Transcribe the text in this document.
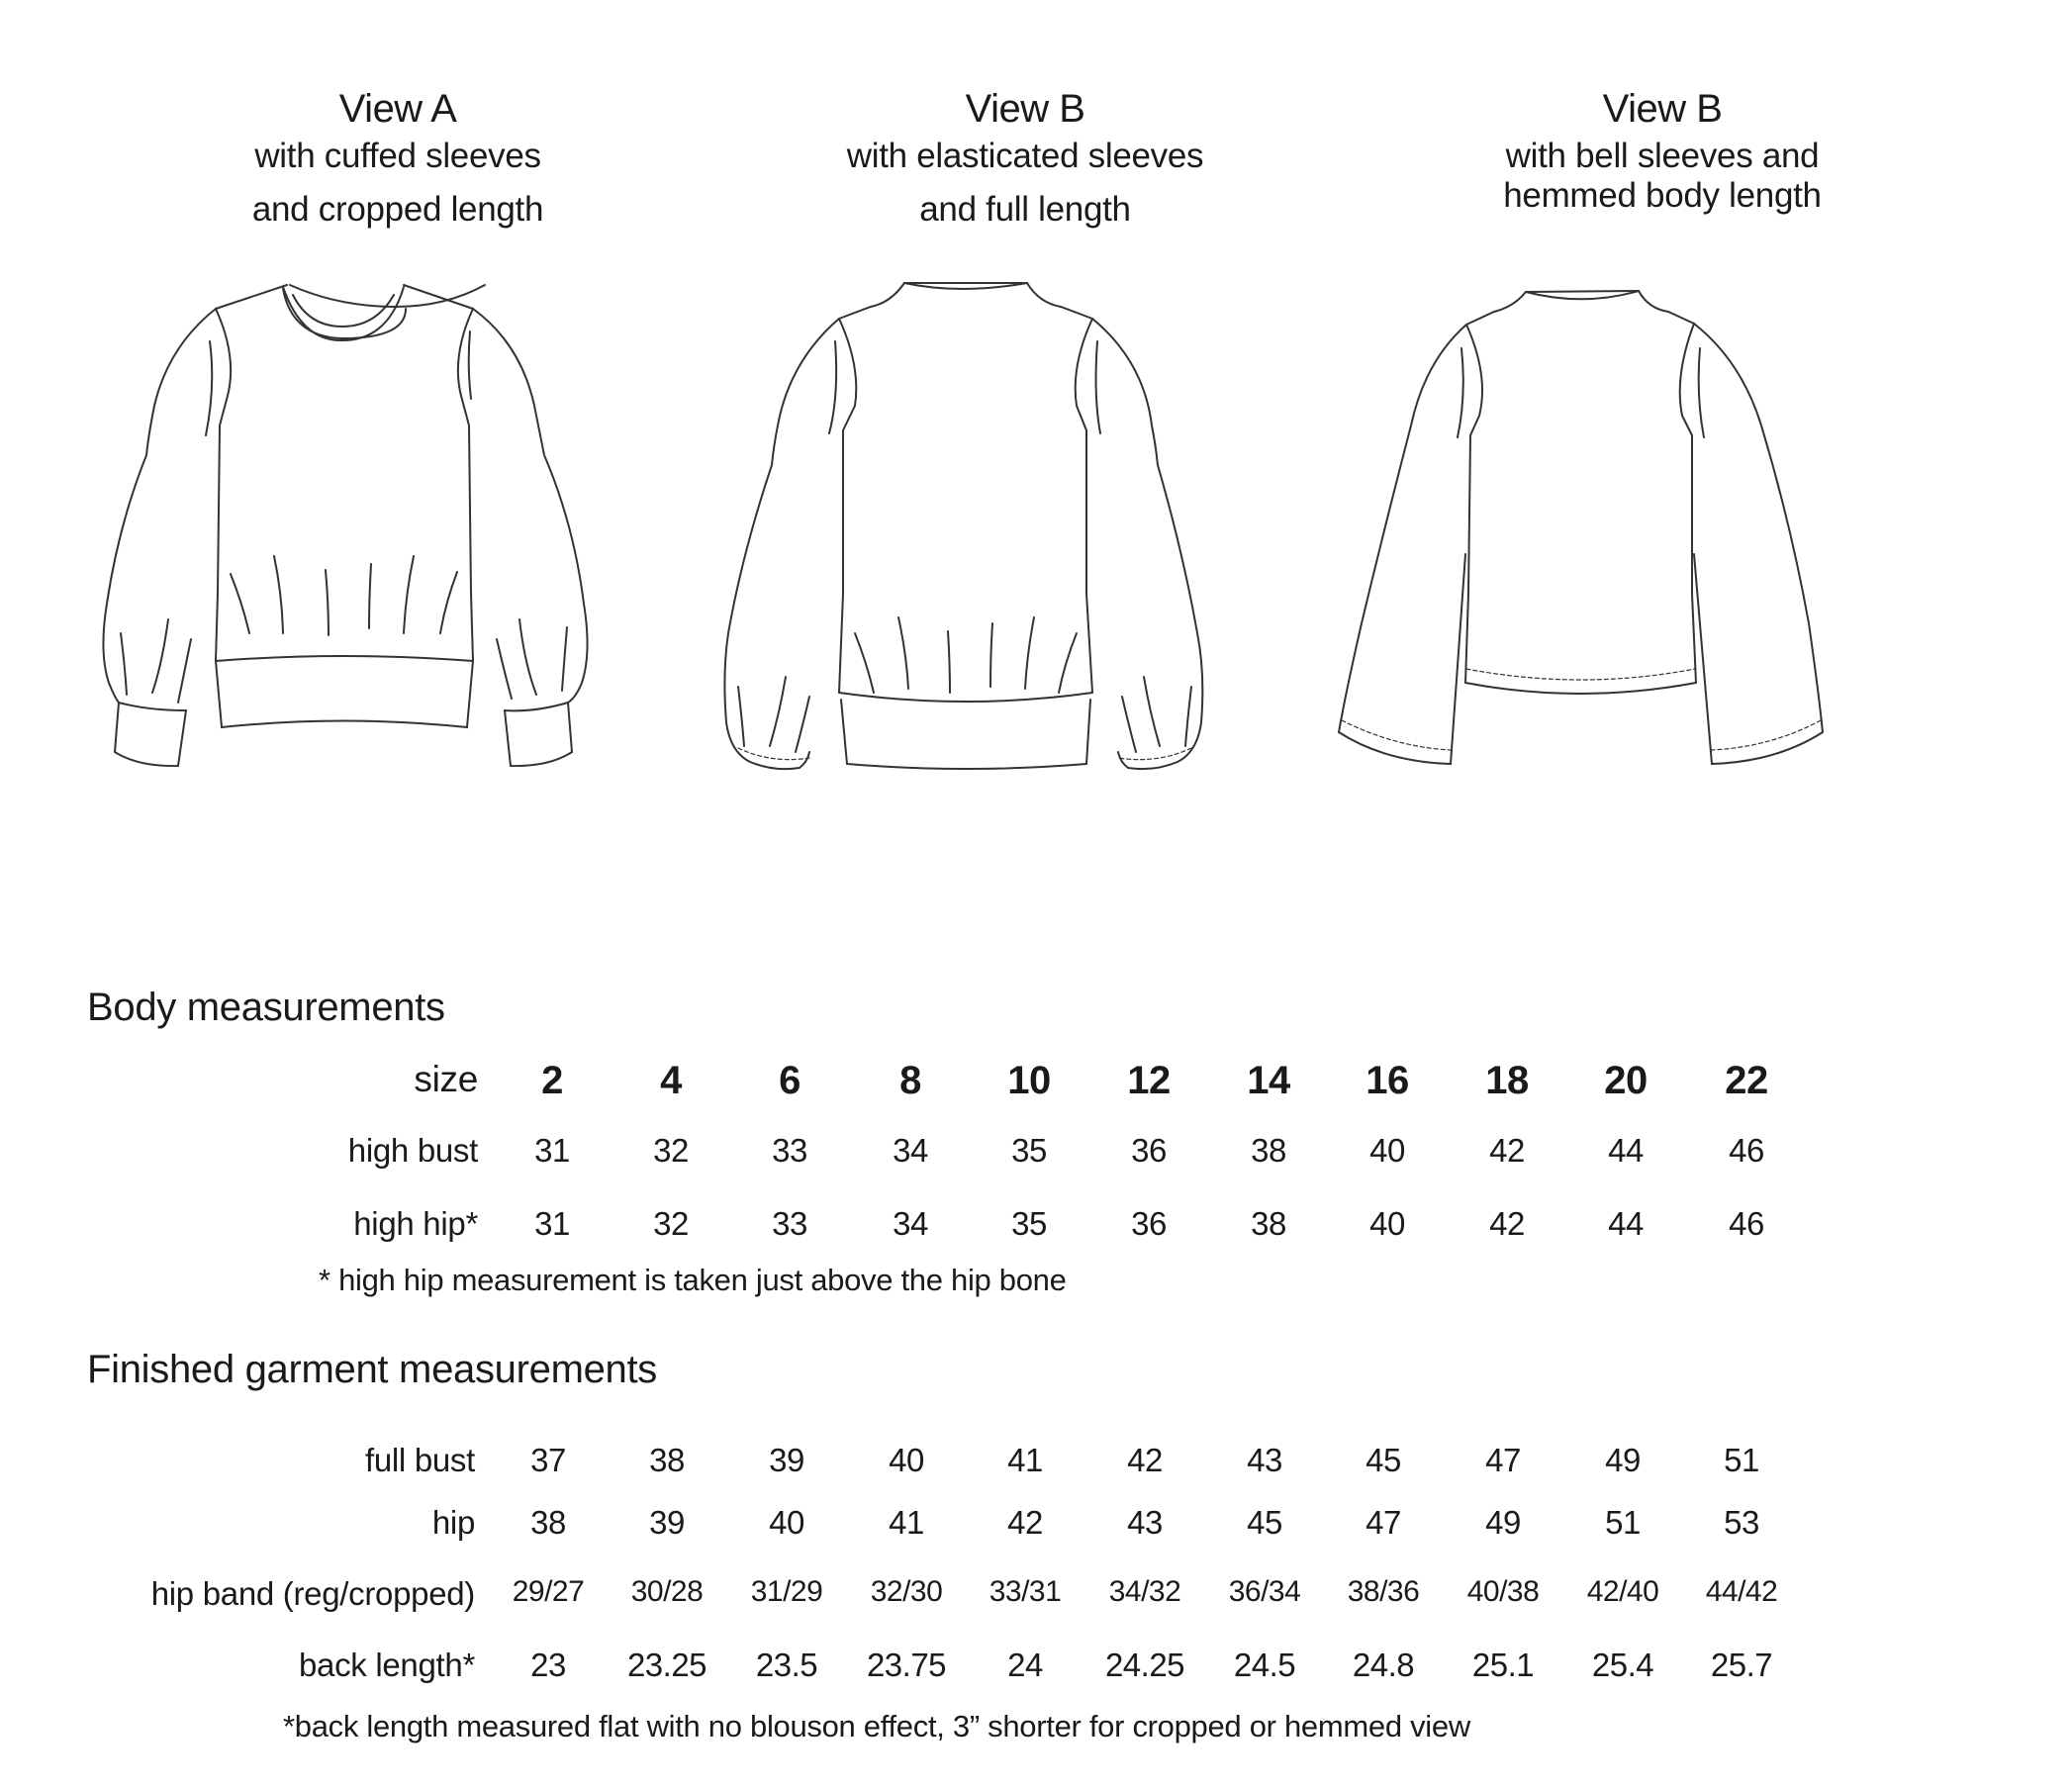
View A
with cuffed sleeves
and cropped length
View B
with elasticated sleeves
and full length
View B
with bell sleeves and
hemmed body length
Body measurements
size	2	4	6	8	10	12	14	16	18	20	22
high bust	31	32	33	34	35	36	38	40	42	44	46
high hip*	31	32	33	34	35	36	38	40	42	44	46
* high hip measurement is taken just above the hip bone
Finished garment measurements
full bust	37	38	39	40	41	42	43	45	47	49	51
hip	38	39	40	41	42	43	45	47	49	51	53
hip band (reg/cropped)	29/27	30/28	31/29	32/30	33/31	34/32	36/34	38/36	40/38	42/40	44/42
back length*	23	23.25	23.5	23.75	24	24.25	24.5	24.8	25.1	25.4	25.7
*back length measured flat with no blouson effect, 3” shorter for cropped or hemmed view
